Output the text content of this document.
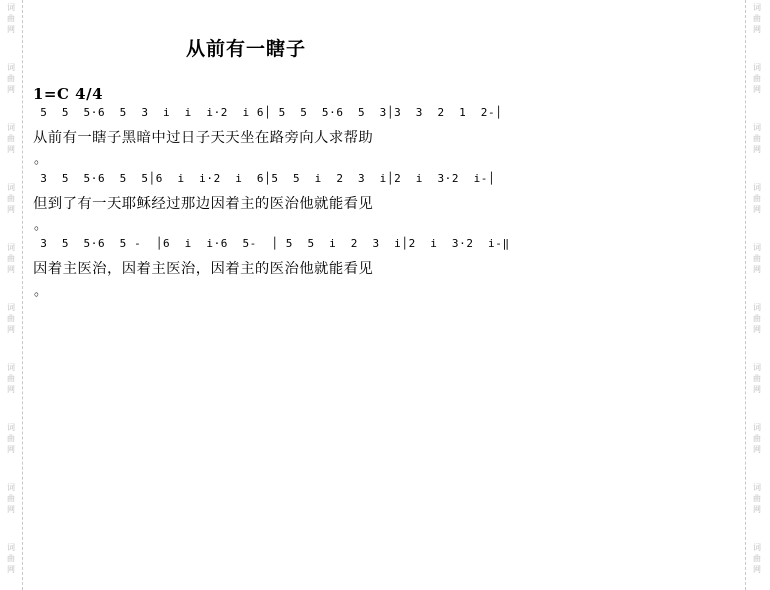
词
曲
网
词
曲
网
词
曲
网
词
曲
网
词
曲
网
词
曲
网
词
曲
网
词
曲
网
词
曲
网
词
曲
网
词
曲
网
词
曲
网
词
曲
网
词
曲
网
词
曲
网
词
曲
网
词
曲
网
词
曲
网
词
曲
网
词
曲
网
从前有一瞎子
1=C 4/4
5  5  5·6  5  3  i  i  i·2  i 6│ 5  5  5·6  5  3│3  3  2  1  2-│
从前有一瞎子黑暗中过日子天天坐在路旁向人求帮助
。
3  5  5·6  5  5│6  i  i·2  i  6│5  5  i  2  3  i│2  i  3·2  i-│
但到了有一天耶稣经过那边因着主的医治他就能看见
。
3  5  5·6  5 -  │6  i  i·6  5-  │ 5  5  i  2  3  i│2  i  3·2  i-‖
因着主医治，因着主医治，因着主的医治他就能看见
。
